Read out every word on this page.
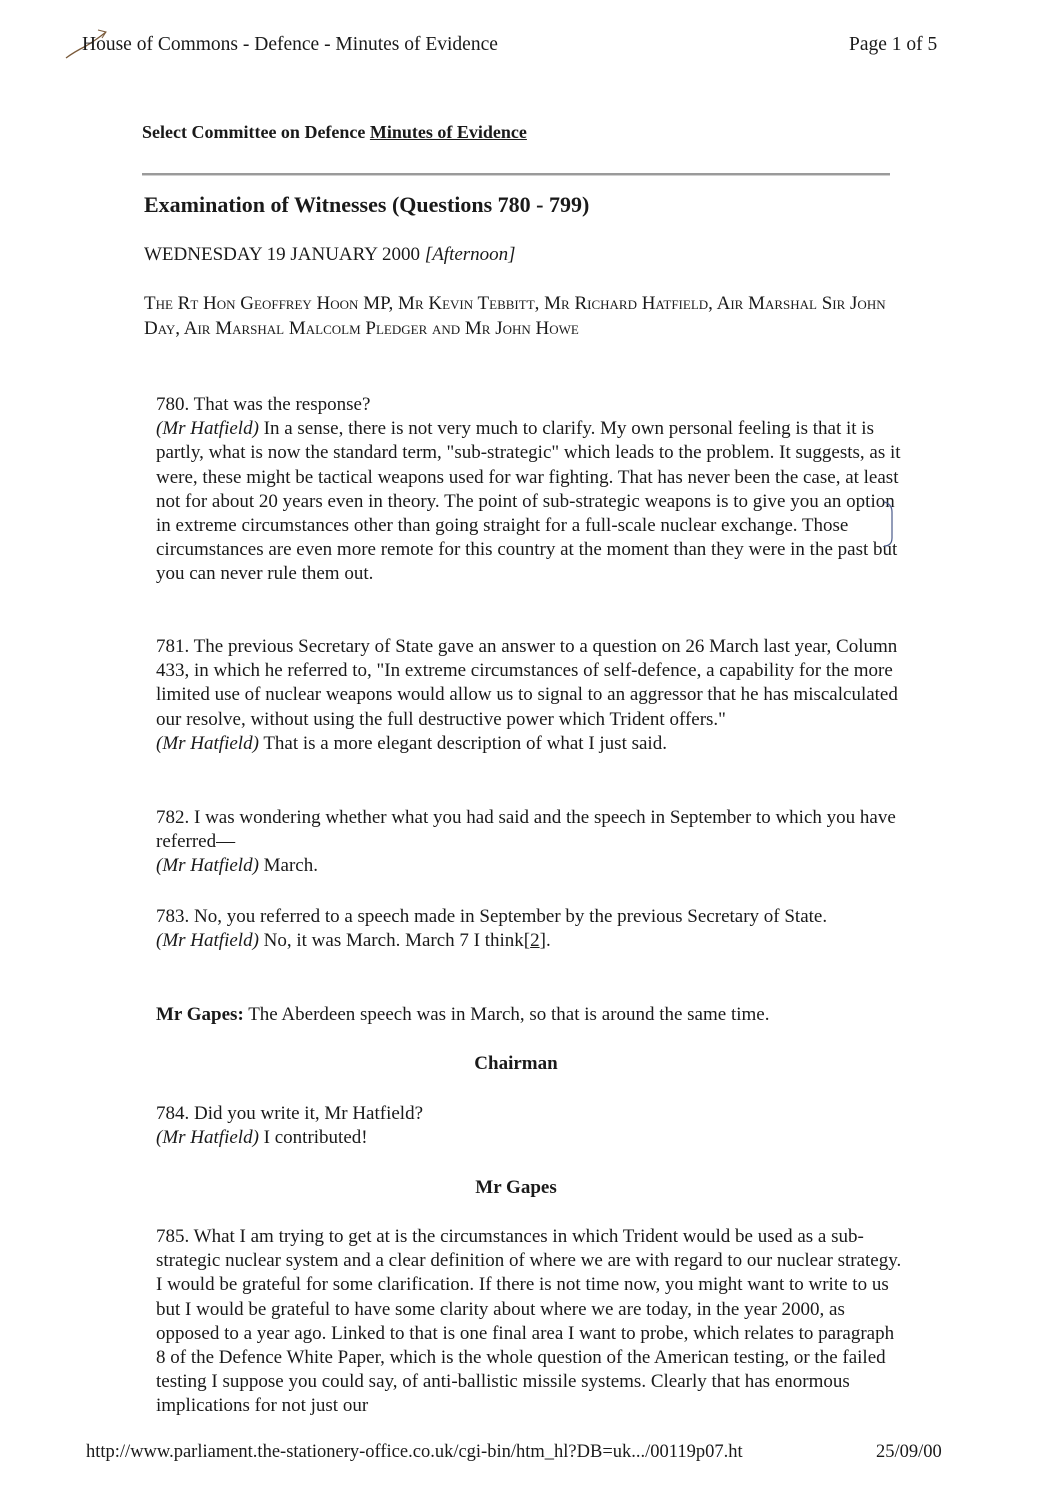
House of Commons - Defence - Minutes of Evidence	Page 1 of 5
Select Committee on Defence Minutes of Evidence
Examination of Witnesses (Questions 780 - 799)
WEDNESDAY 19 JANUARY 2000 [Afternoon]
The Rt Hon Geoffrey Hoon MP, Mr Kevin Tebbitt, Mr Richard Hatfield, Air Marshal Sir John Day, Air Marshal Malcolm Pledger and Mr John Howe
780. That was the response?
(Mr Hatfield) In a sense, there is not very much to clarify. My own personal feeling is that it is partly, what is now the standard term, "sub-strategic" which leads to the problem. It suggests, as it were, these might be tactical weapons used for war fighting. That has never been the case, at least not for about 20 years even in theory. The point of sub-strategic weapons is to give you an option in extreme circumstances other than going straight for a full-scale nuclear exchange. Those circumstances are even more remote for this country at the moment than they were in the past but you can never rule them out.
781. The previous Secretary of State gave an answer to a question on 26 March last year, Column 433, in which he referred to, "In extreme circumstances of self-defence, a capability for the more limited use of nuclear weapons would allow us to signal to an aggressor that he has miscalculated our resolve, without using the full destructive power which Trident offers."
(Mr Hatfield) That is a more elegant description of what I just said.
782. I was wondering whether what you had said and the speech in September to which you have referred—
(Mr Hatfield) March.
783. No, you referred to a speech made in September by the previous Secretary of State.
(Mr Hatfield) No, it was March. March 7 I think[2].
Mr Gapes: The Aberdeen speech was in March, so that is around the same time.
Chairman
784. Did you write it, Mr Hatfield?
(Mr Hatfield) I contributed!
Mr Gapes
785. What I am trying to get at is the circumstances in which Trident would be used as a sub-strategic nuclear system and a clear definition of where we are with regard to our nuclear strategy. I would be grateful for some clarification. If there is not time now, you might want to write to us but I would be grateful to have some clarity about where we are today, in the year 2000, as opposed to a year ago. Linked to that is one final area I want to probe, which relates to paragraph 8 of the Defence White Paper, which is the whole question of the American testing, or the failed testing I suppose you could say, of anti-ballistic missile systems. Clearly that has enormous implications for not just our
http://www.parliament.the-stationery-office.co.uk/cgi-bin/htm_hl?DB=uk.../00119p07.ht	25/09/00
